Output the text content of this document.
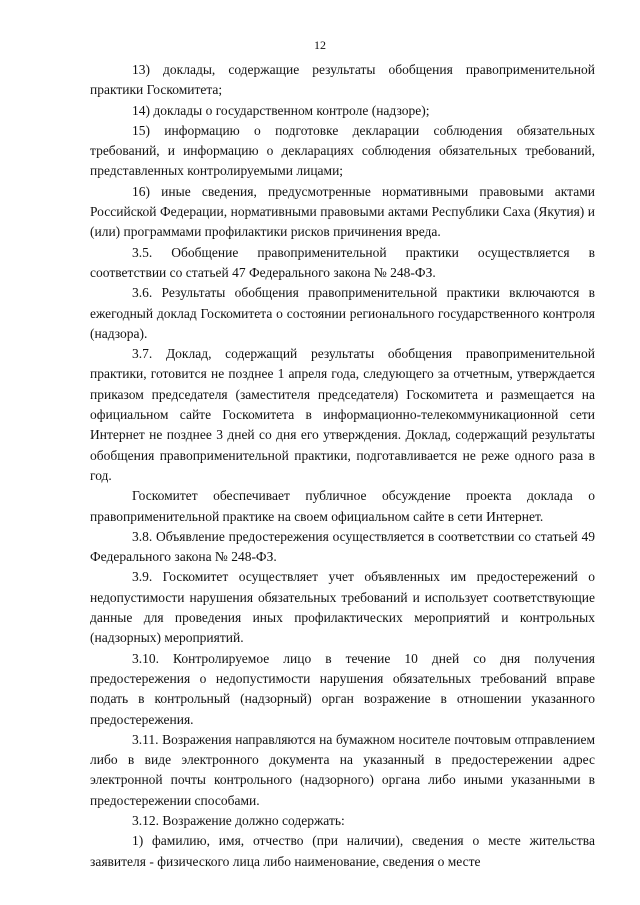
12

13) доклады, содержащие результаты обобщения правоприменительной практики Госкомитета;

14) доклады о государственном контроле (надзоре);

15) информацию о подготовке декларации соблюдения обязательных требований, и информацию о декларациях соблюдения обязательных требований, представленных контролируемыми лицами;

16) иные сведения, предусмотренные нормативными правовыми актами Российской Федерации, нормативными правовыми актами Республики Саха (Якутия) и (или) программами профилактики рисков причинения вреда.

3.5. Обобщение правоприменительной практики осуществляется в соответствии со статьей 47 Федерального закона № 248-ФЗ.

3.6. Результаты обобщения правоприменительной практики включаются в ежегодный доклад Госкомитета о состоянии регионального государственного контроля (надзора).

3.7. Доклад, содержащий результаты обобщения правоприменительной практики, готовится не позднее 1 апреля года, следующего за отчетным, утверждается приказом председателя (заместителя председателя) Госкомитета и размещается на официальном сайте Госкомитета в информационно-телекоммуникационной сети Интернет не позднее 3 дней со дня его утверждения. Доклад, содержащий результаты обобщения правоприменительной практики, подготавливается не реже одного раза в год.

Госкомитет обеспечивает публичное обсуждение проекта доклада о правоприменительной практике на своем официальном сайте в сети Интернет.

3.8. Объявление предостережения осуществляется в соответствии со статьей 49 Федерального закона № 248-ФЗ.

3.9. Госкомитет осуществляет учет объявленных им предостережений о недопустимости нарушения обязательных требований и использует соответствующие данные для проведения иных профилактических мероприятий и контрольных (надзорных) мероприятий.

3.10. Контролируемое лицо в течение 10 дней со дня получения предостережения о недопустимости нарушения обязательных требований вправе подать в контрольный (надзорный) орган возражение в отношении указанного предостережения.

3.11. Возражения направляются на бумажном носителе почтовым отправлением либо в виде электронного документа на указанный в предостережении адрес электронной почты контрольного (надзорного) органа либо иными указанными в предостережении способами.

3.12. Возражение должно содержать:

1) фамилию, имя, отчество (при наличии), сведения о месте жительства заявителя - физического лица либо наименование, сведения о месте
